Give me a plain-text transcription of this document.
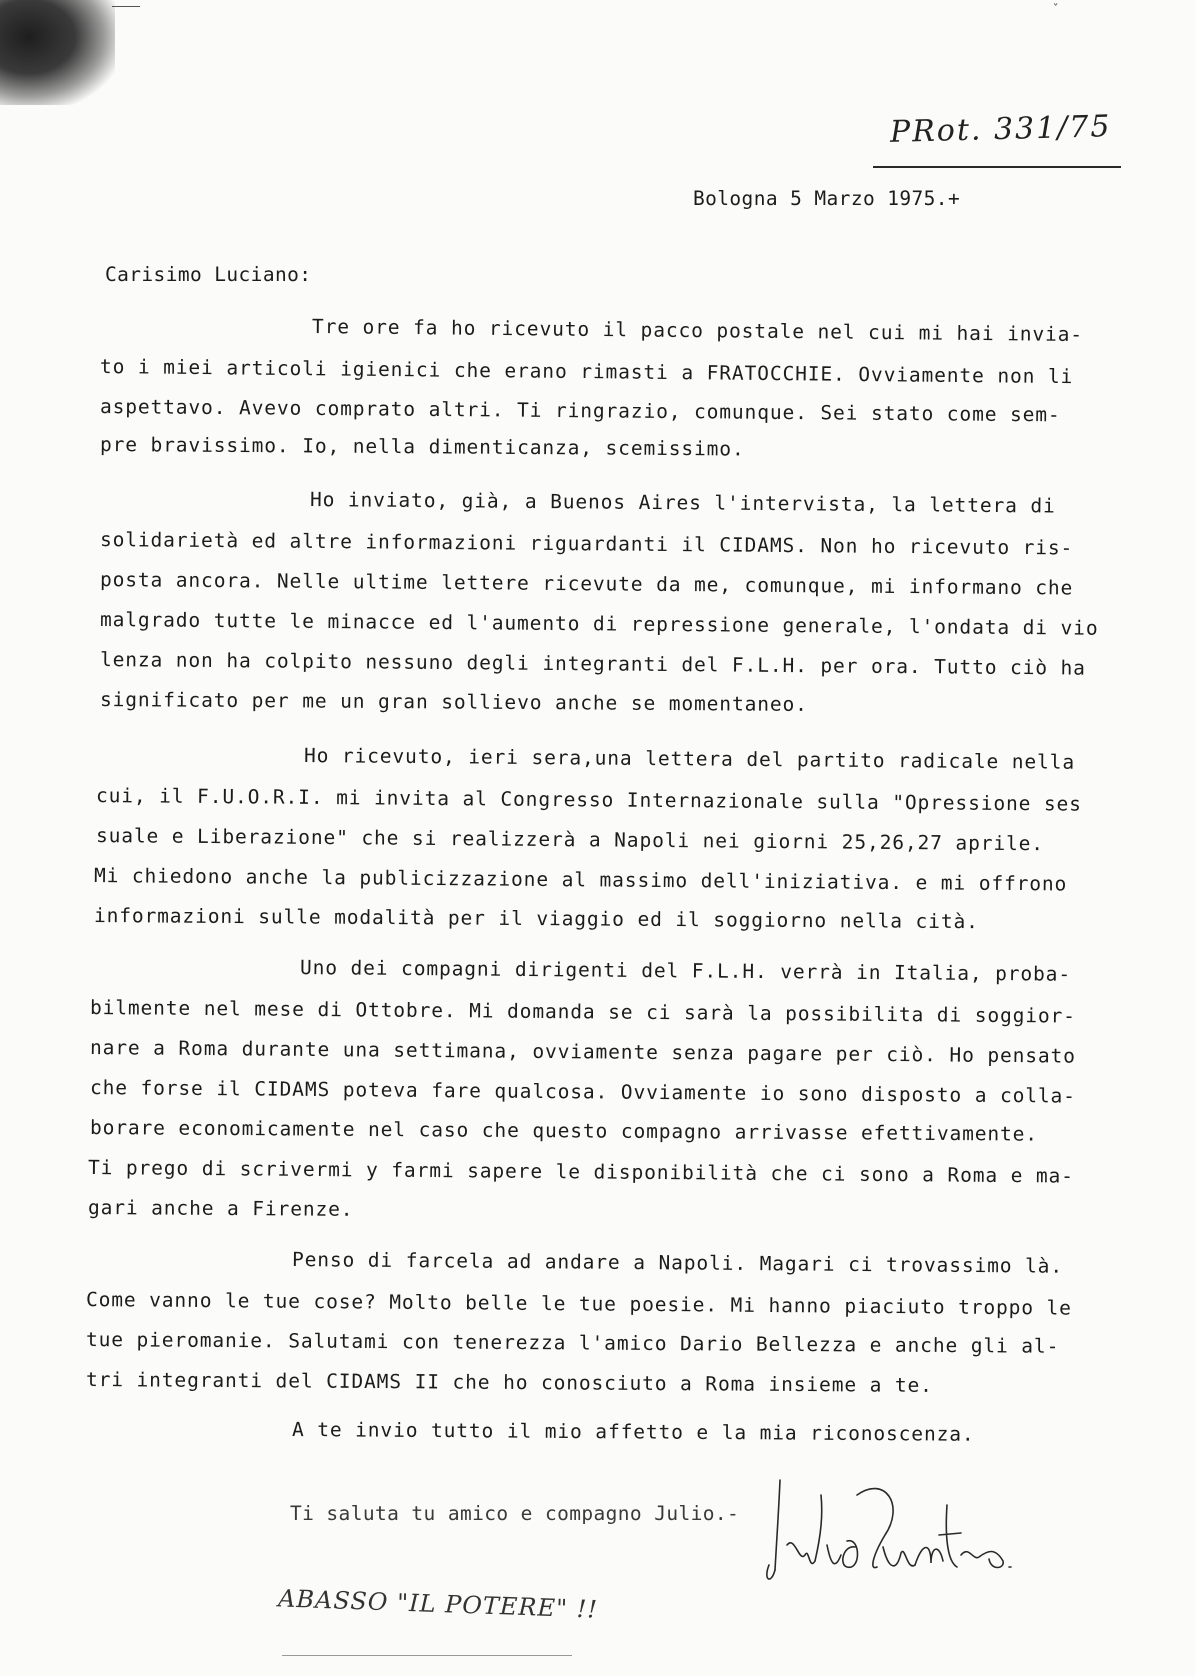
ˇ
PRot. 331/75
Bologna 5 Marzo 1975.+
Carisimo Luciano:
Tre ore fa ho ricevuto il pacco postale nel cui mi hai invia-
to i miei articoli igienici che erano rimasti a FRATOCCHIE. Ovviamente non li
aspettavo. Avevo comprato altri. Ti ringrazio, comunque. Sei stato come sem-
pre bravissimo. Io, nella dimenticanza, scemissimo.
Ho inviato, già, a Buenos Aires l'intervista, la lettera di
solidarietà ed altre informazioni riguardanti il CIDAMS. Non ho ricevuto ris-
posta ancora. Nelle ultime lettere ricevute da me, comunque, mi informano che
malgrado tutte le minacce ed l'aumento di repressione generale, l'ondata di vio
lenza non ha colpito nessuno degli integranti del F.L.H. per ora. Tutto ciò ha
significato per me un gran sollievo anche se momentaneo.
Ho ricevuto, ieri sera,una lettera del partito radicale nella
cui, il F.U.O.R.I. mi invita al Congresso Internazionale sulla "Opressione ses
suale e Liberazione" che si realizzerà a Napoli nei giorni 25,26,27 aprile.
Mi chiedono anche la publicizzazione al massimo dell'iniziativa. e mi offrono
informazioni sulle modalità per il viaggio ed il soggiorno nella cità.
Uno dei compagni dirigenti del F.L.H. verrà in Italia, proba-
bilmente nel mese di Ottobre. Mi domanda se ci sarà la possibilita di soggior-
nare a Roma durante una settimana, ovviamente senza pagare per ciò. Ho pensato
che forse il CIDAMS poteva fare qualcosa. Ovviamente io sono disposto a colla-
borare economicamente nel caso che questo compagno arrivasse efettivamente.
Ti prego di scrivermi y farmi sapere le disponibilità che ci sono a Roma e ma-
gari anche a Firenze.
Penso di farcela ad andare a Napoli. Magari ci trovassimo là.
Come vanno le tue cose? Molto belle le tue poesie. Mi hanno piaciuto troppo le
tue pieromanie. Salutami con tenerezza l'amico Dario Bellezza e anche gli al-
tri integranti del CIDAMS II che ho conosciuto a Roma insieme a te.
A te invio tutto il mio affetto e la mia riconoscenza.
Ti saluta tu amico e compagno Julio.-
ABASSO "IL POTERE" !!
